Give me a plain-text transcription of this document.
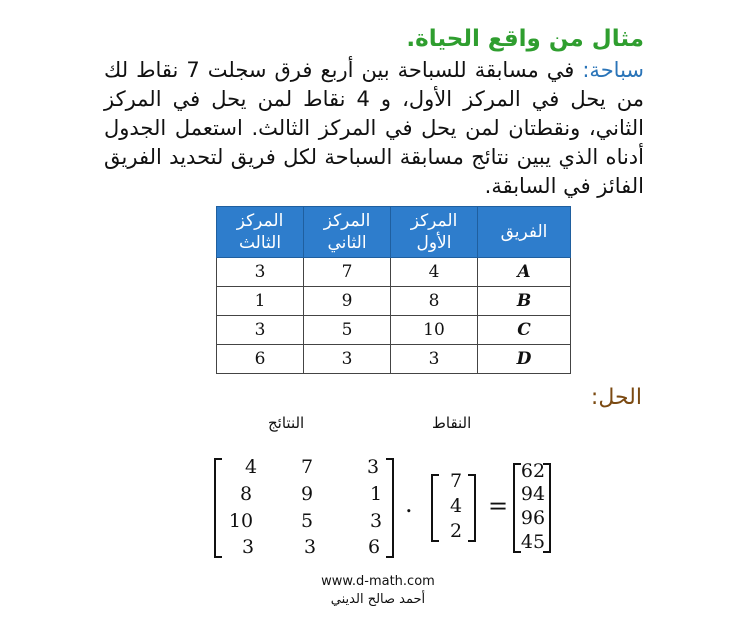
مثال من واقع الحياة.
سباحة: في مسابقة للسباحة بين أربع فرق سجلت 7 نقاط لك من يحل في المركز الأول، و 4 نقاط لمن يحل في المركز الثاني، ونقطتان لمن يحل في المركز الثالث. استعمل الجدول أدناه الذي يبين نتائج مسابقة السباحة لكل فريق لتحديد الفريق الفائز في السابقة.
الفريق	المركز الأول	المركز الثاني	المركز الثالث
A	4	7	3
B	8	9	1
C	10	5	3
D	3	3	6
الحل:
النتائج	النقاط
4	7	3
8	9	1
10	5	3
3	3	6
.
7
4
2
=
62
94
96
45
www.d-math.com
أحمد صالح الديني
